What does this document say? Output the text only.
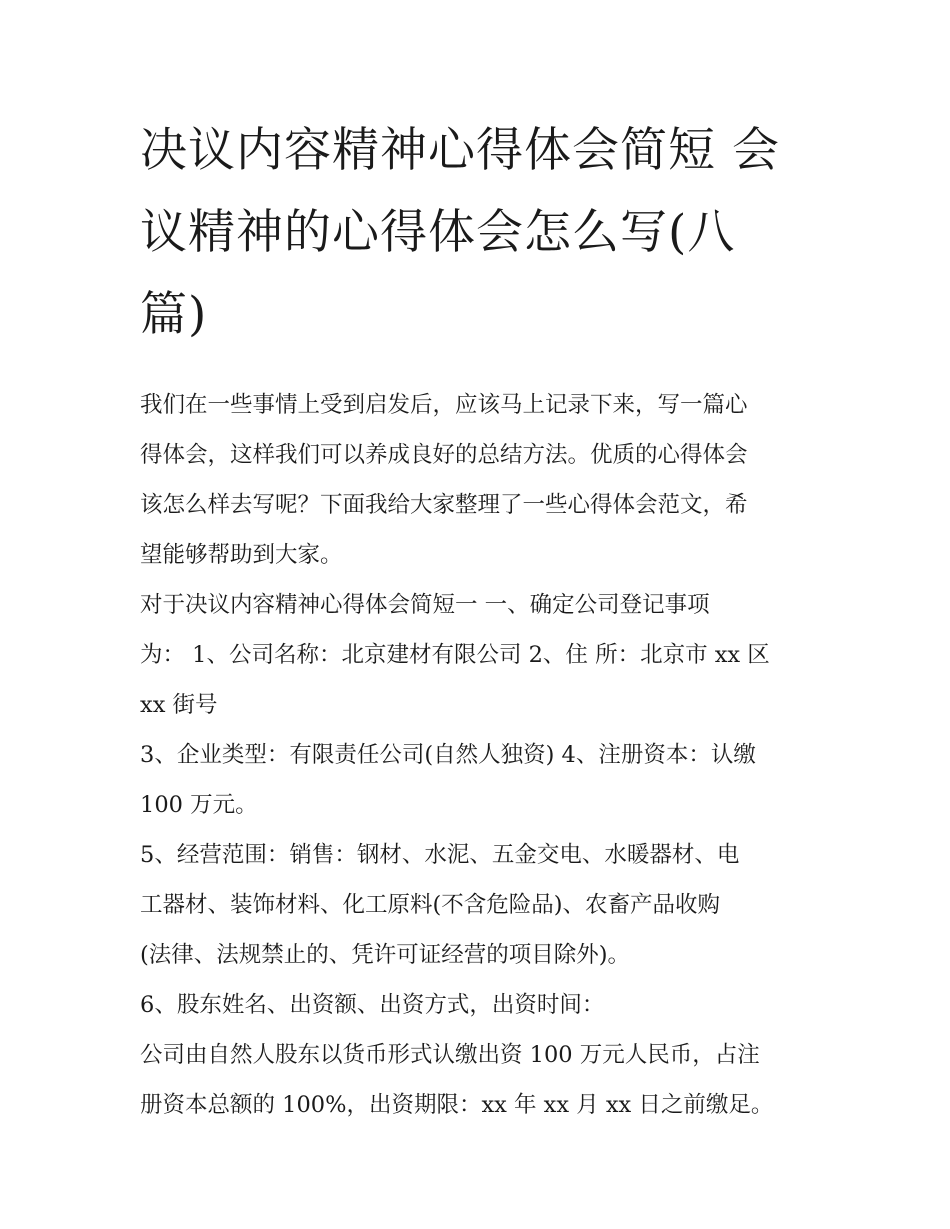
决议内容精神心得体会简短 会
议精神的心得体会怎么写(八
篇)
我们在一些事情上受到启发后，应该马上记录下来，写一篇心
得体会，这样我们可以养成良好的总结方法。优质的心得体会
该怎么样去写呢？下面我给大家整理了一些心得体会范文，希
望能够帮助到大家。
对于决议内容精神心得体会简短一 一、确定公司登记事项
为： 1、公司名称：北京建材有限公司 2、住 所：北京市 xx 区
xx 街号
3、企业类型：有限责任公司(自然人独资) 4、注册资本：认缴
100 万元。
5、经营范围：销售：钢材、水泥、五金交电、水暖器材、电
工器材、装饰材料、化工原料(不含危险品)、农畜产品收购
(法律、法规禁止的、凭许可证经营的项目除外)。
6、股东姓名、出资额、出资方式，出资时间：
公司由自然人股东以货币形式认缴出资 100 万元人民币，占注
册资本总额的 100%，出资期限：xx 年 xx 月 xx 日之前缴足。
